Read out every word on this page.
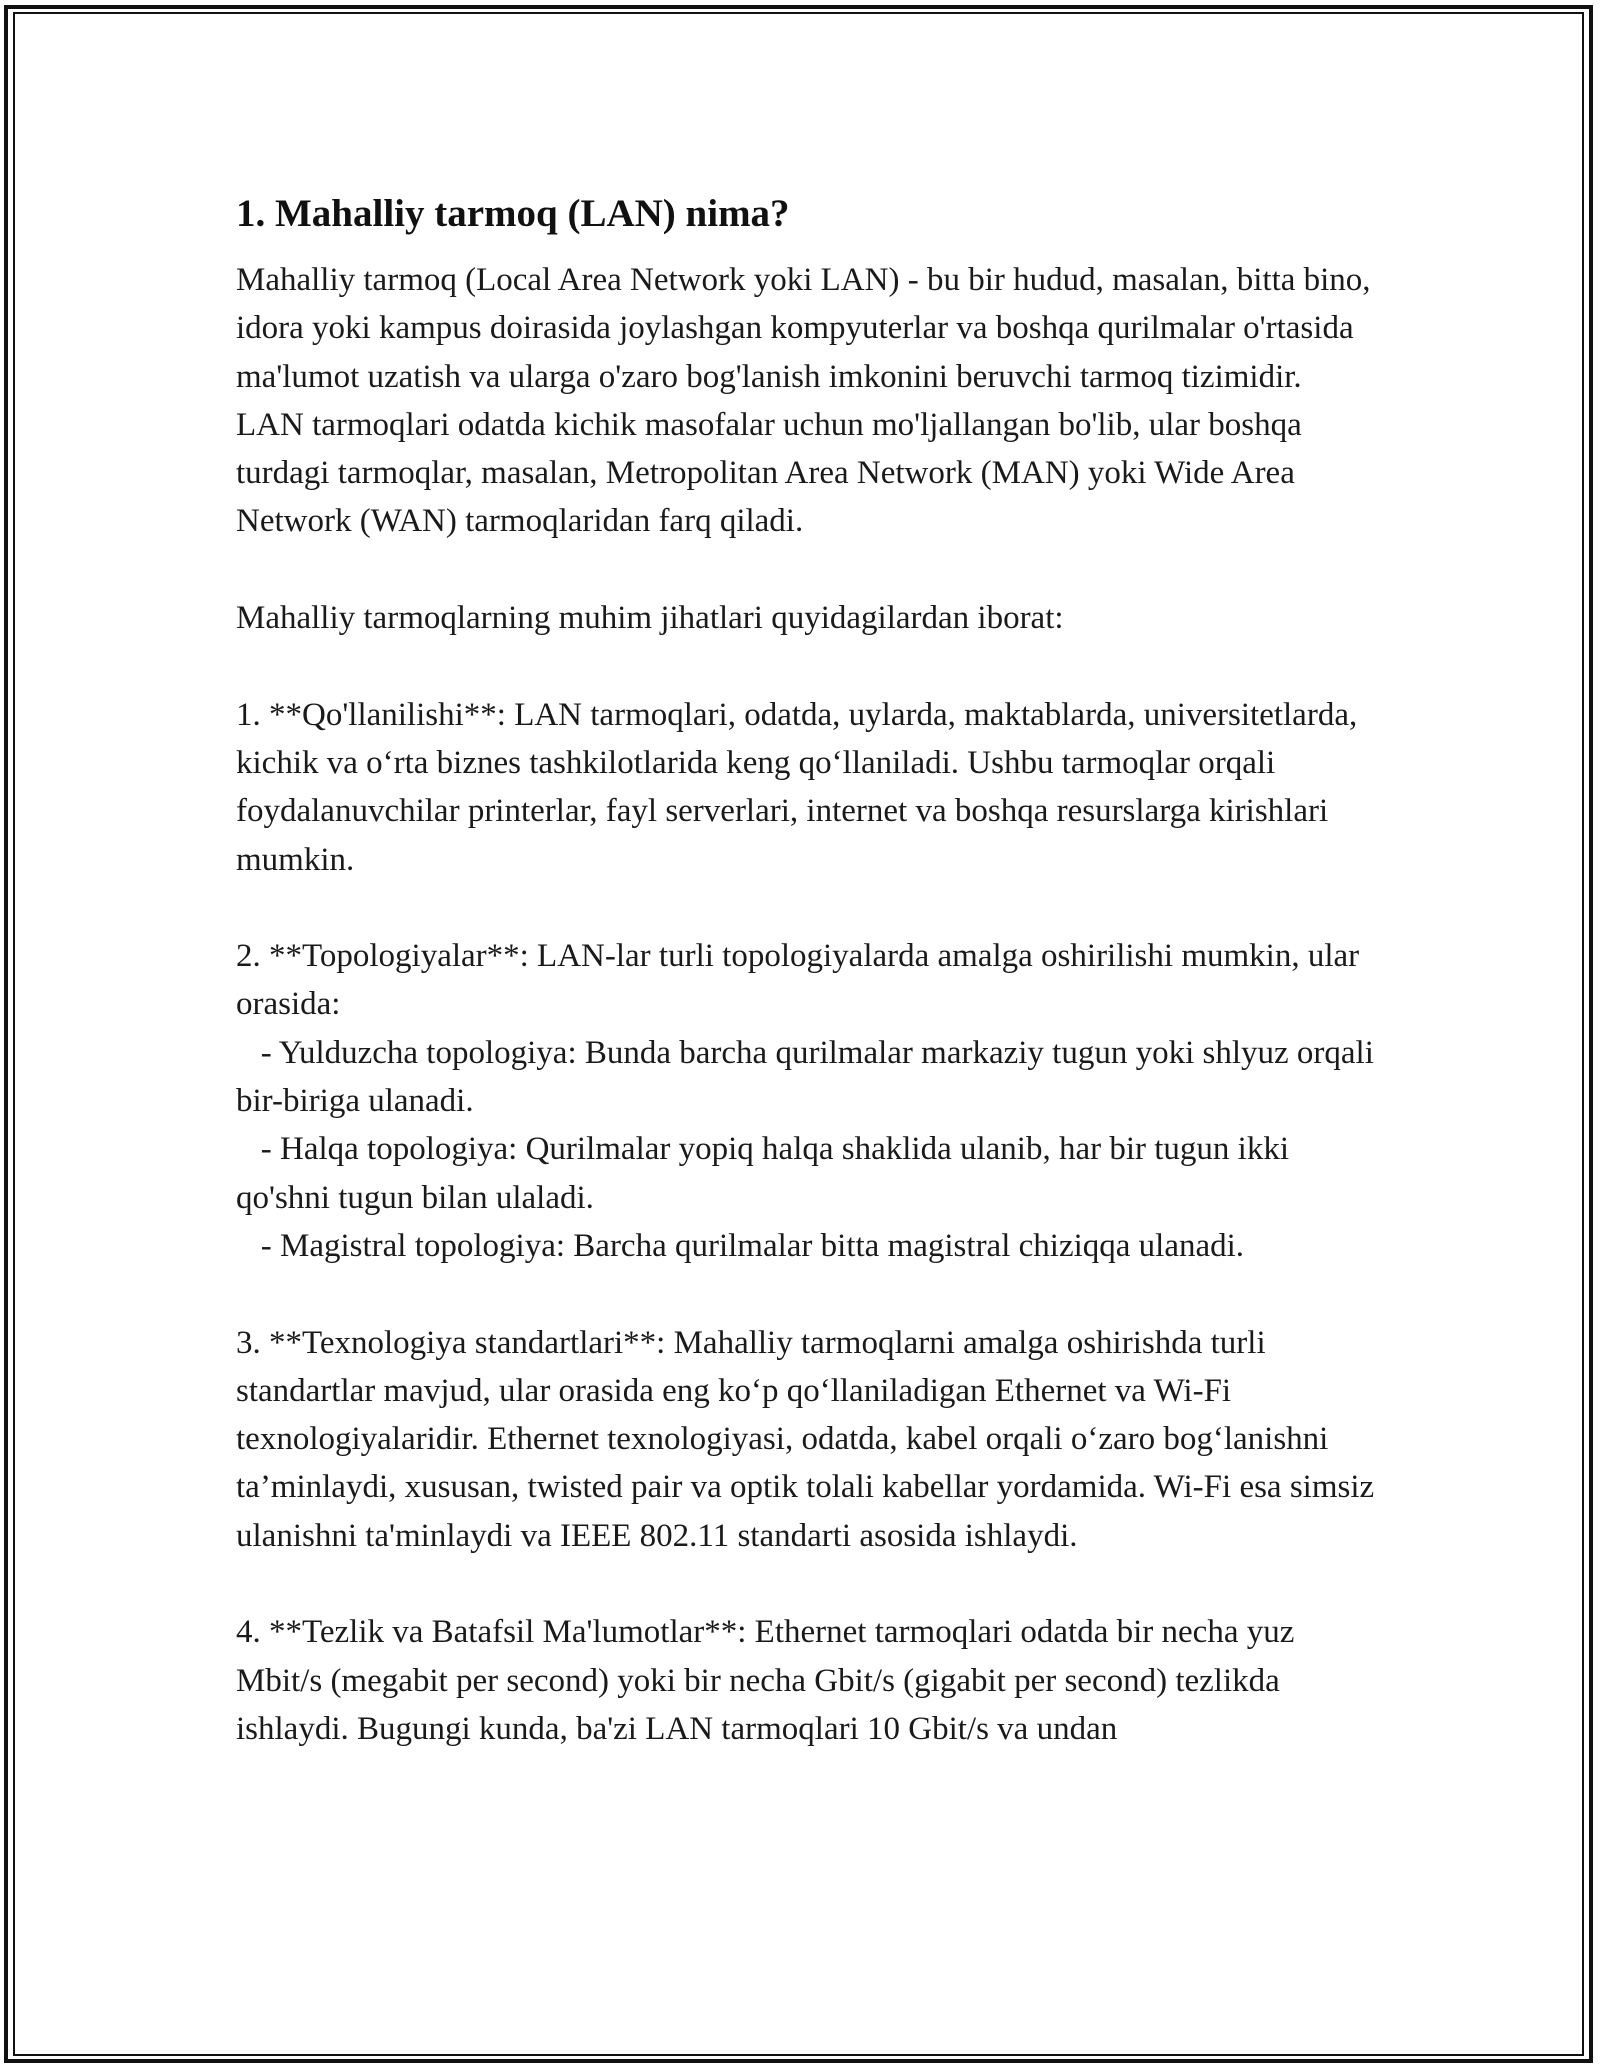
1. Mahalliy tarmoq (LAN) nima?

Mahalliy tarmoq (Local Area Network yoki LAN) - bu bir hudud, masalan, bitta bino, idora yoki kampus doirasida joylashgan kompyuterlar va boshqa qurilmalar o'rtasida ma'lumot uzatish va ularga o'zaro bog'lanish imkonini beruvchi tarmoq tizimidir. LAN tarmoqlari odatda kichik masofalar uchun mo'ljallangan bo'lib, ular boshqa turdagi tarmoqlar, masalan, Metropolitan Area Network (MAN) yoki Wide Area Network (WAN) tarmoqlaridan farq qiladi.

Mahalliy tarmoqlarning muhim jihatlari quyidagilardan iborat:

1. **Qo'llanilishi**: LAN tarmoqlari, odatda, uylarda, maktablarda, universitetlarda, kichik va o‘rta biznes tashkilotlarida keng qo‘llaniladi. Ushbu tarmoqlar orqali foydalanuvchilar printerlar, fayl serverlari, internet va boshqa resurslarga kirishlari mumkin.

2. **Topologiyalar**: LAN-lar turli topologiyalarda amalga oshirilishi mumkin, ular orasida:

- Yulduzcha topologiya: Bunda barcha qurilmalar markaziy tugun yoki shlyuz orqali bir-biriga ulanadi.

- Halqa topologiya: Qurilmalar yopiq halqa shaklida ulanib, har bir tugun ikki qo'shni tugun bilan ulaladi.

- Magistral topologiya: Barcha qurilmalar bitta magistral chiziqqa ulanadi.

3. **Texnologiya standartlari**: Mahalliy tarmoqlarni amalga oshirishda turli standartlar mavjud, ular orasida eng ko‘p qo‘llaniladigan Ethernet va Wi-Fi texnologiyalaridir. Ethernet texnologiyasi, odatda, kabel orqali o‘zaro bog‘lanishni ta’minlaydi, xususan, twisted pair va optik tolali kabellar yordamida. Wi-Fi esa simsiz ulanishni ta'minlaydi va IEEE 802.11 standarti asosida ishlaydi.

4. **Tezlik va Batafsil Ma'lumotlar**: Ethernet tarmoqlari odatda bir necha yuz Mbit/s (megabit per second) yoki bir necha Gbit/s (gigabit per second) tezlikda ishlaydi. Bugungi kunda, ba'zi LAN tarmoqlari 10 Gbit/s va undan
